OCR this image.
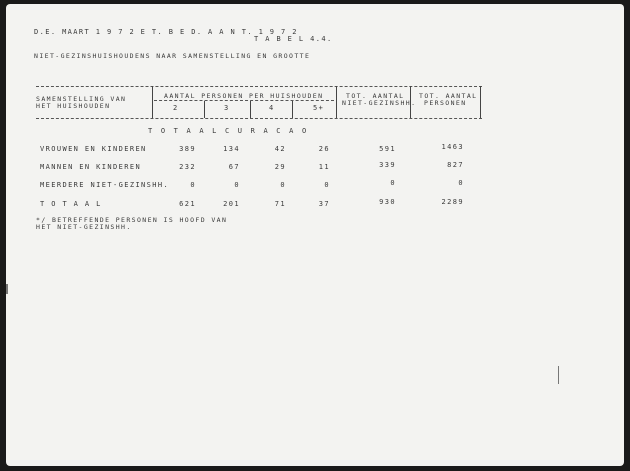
D.E. MAART 1 9 7 2 E T. B E D. A A N T. 1 9 7 2
T A B E L 4.4.
NIET-GEZINSHUISHOUDENS NAAR SAMENSTELLING EN GROOTTE
SAMENSTELLING VAN
HET HUISHOUDEN
AANTAL PERSONEN PER HUISHOUDEN
2	3	4	5+
TOT. AANTAL
NIET-GEZINSHH.
TOT. AANTAL
PERSONEN
T O T A A L C U R A C A O
VROUWEN EN KINDEREN	389	134	42	26	591	1463
MANNEN EN KINDEREN	232	67	29	11	339	827
MEERDERE NIET-GEZINSHH.	0	0	0	0	0	0
T O T A A L	621	201	71	37	930	2289
*/ BETREFFENDE PERSONEN IS HOOFD VAN
HET NIET-GEZINSHH.
